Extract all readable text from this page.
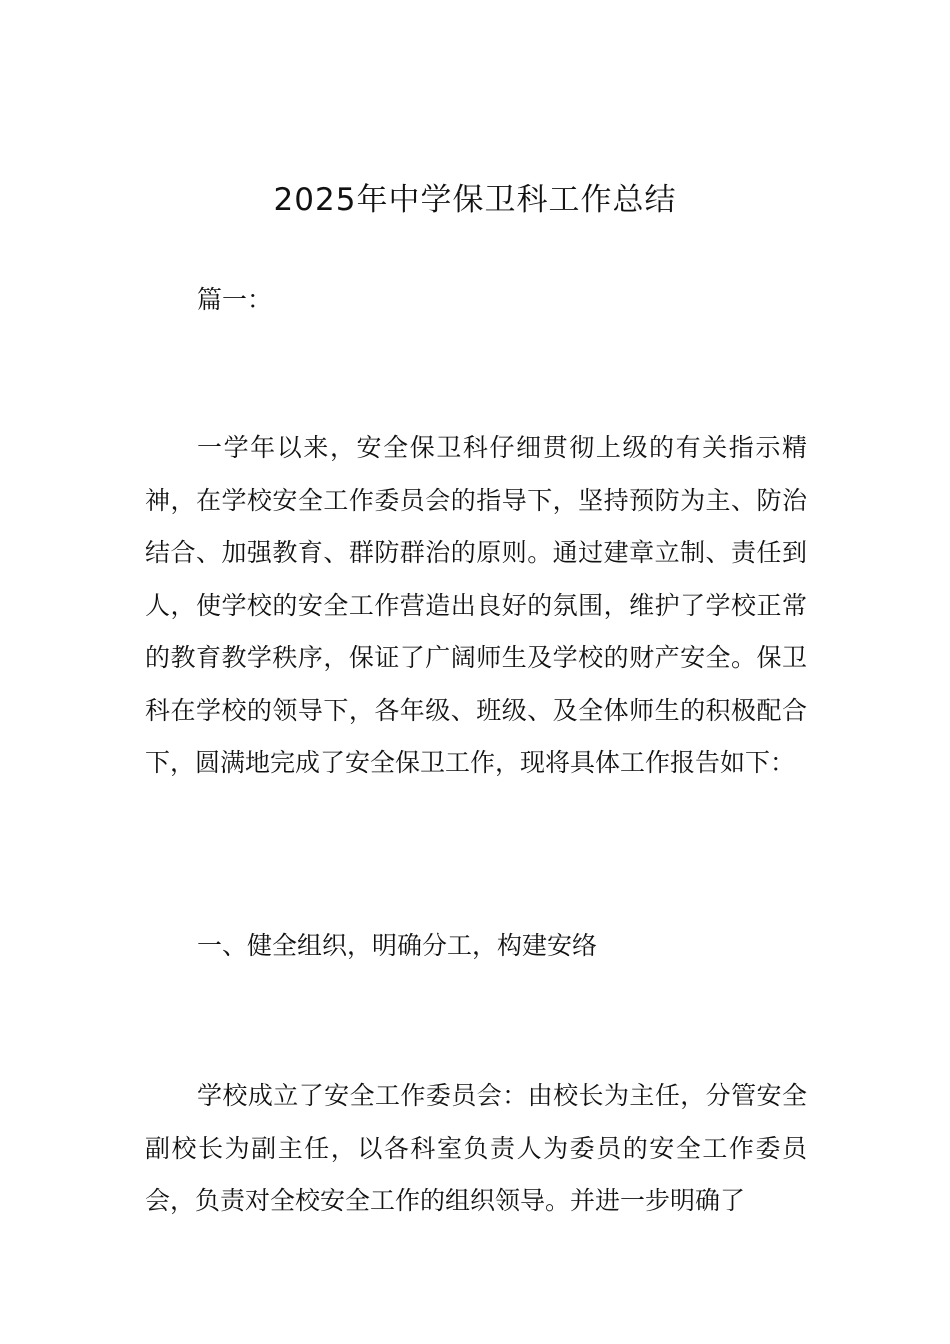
2025年中学保卫科工作总结

篇一：

一学年以来，安全保卫科仔细贯彻上级的有关指示精神，在学校安全工作委员会的指导下，坚持预防为主、防治结合、加强教育、群防群治的原则。通过建章立制、责任到人，使学校的安全工作营造出良好的氛围，维护了学校正常的教育教学秩序，保证了广阔师生及学校的财产安全。保卫科在学校的领导下，各年级、班级、及全体师生的积极配合下，圆满地完成了安全保卫工作，现将具体工作报告如下：

一、健全组织，明确分工，构建安络

学校成立了安全工作委员会：由校长为主任，分管安全副校长为副主任，以各科室负责人为委员的安全工作委员会，负责对全校安全工作的组织领导。并进一步明确了
